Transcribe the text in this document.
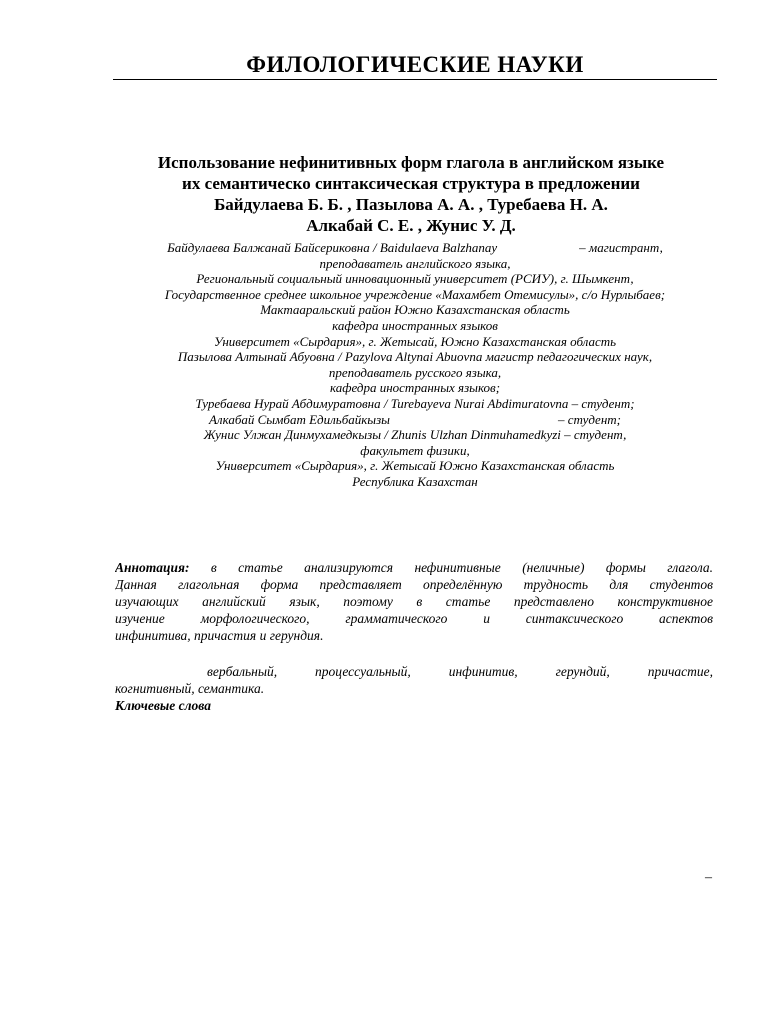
ФИЛОЛОГИЧЕСКИЕ НАУКИ
Использование нефинитивных форм глагола в английском языке
их семантическо синтаксическая структура в предложении
Байдулаева Б. Б. , Пазылова А. А. , Туребаева Н. А.
Алкабай С. Е. , Жунис У. Д.
Байдулаева Балжанай Байсериковна / Baidulaeva Balzhanay	– магистрант,
преподаватель английского языка,
Региональный социальный инновационный университет (РСИУ), г. Шымкент,
Государственное среднее школьное учреждение «Махамбет Отемисулы», с/о Нурлыбаев;
Мактааральский район Южно Казахстанская область
кафедра иностранных языков
Университет «Сырдария», г. Жетысай, Южно Казахстанская область
Пазылова Алтынай Абуовна / Pazylova Altynai Abuovna магистр педагогических наук,
преподаватель русского языка,
кафедра иностранных языков;
Туребаева Нурай Абдимуратовна / Turebayeva Nurai Abdimuratovna – студент;
Алкабай Сымбат Едильбайкызы	– студент;
Жунис Улжан Динмухамедкызы / Zhunis Ulzhan Dinmuhamedkyzi – студент,
факультет физики,
Университет «Сырдария», г. Жетысай Южно Казахстанская область
Республика Казахстан
Аннотация: в статье анализируются нефинитивные (неличные) формы глагола.
Данная глагольная форма представляет определённую трудность для студентов
изучающих английский язык, поэтому в статье представлено конструктивное
изучение морфологического, грамматического и синтаксического аспектов
инфинитива, причастия и герундия.
вербальный,	процессуальный,	инфинитив,	герундий,	причастие,
когнитивный, семантика.
Ключевые слова
–
